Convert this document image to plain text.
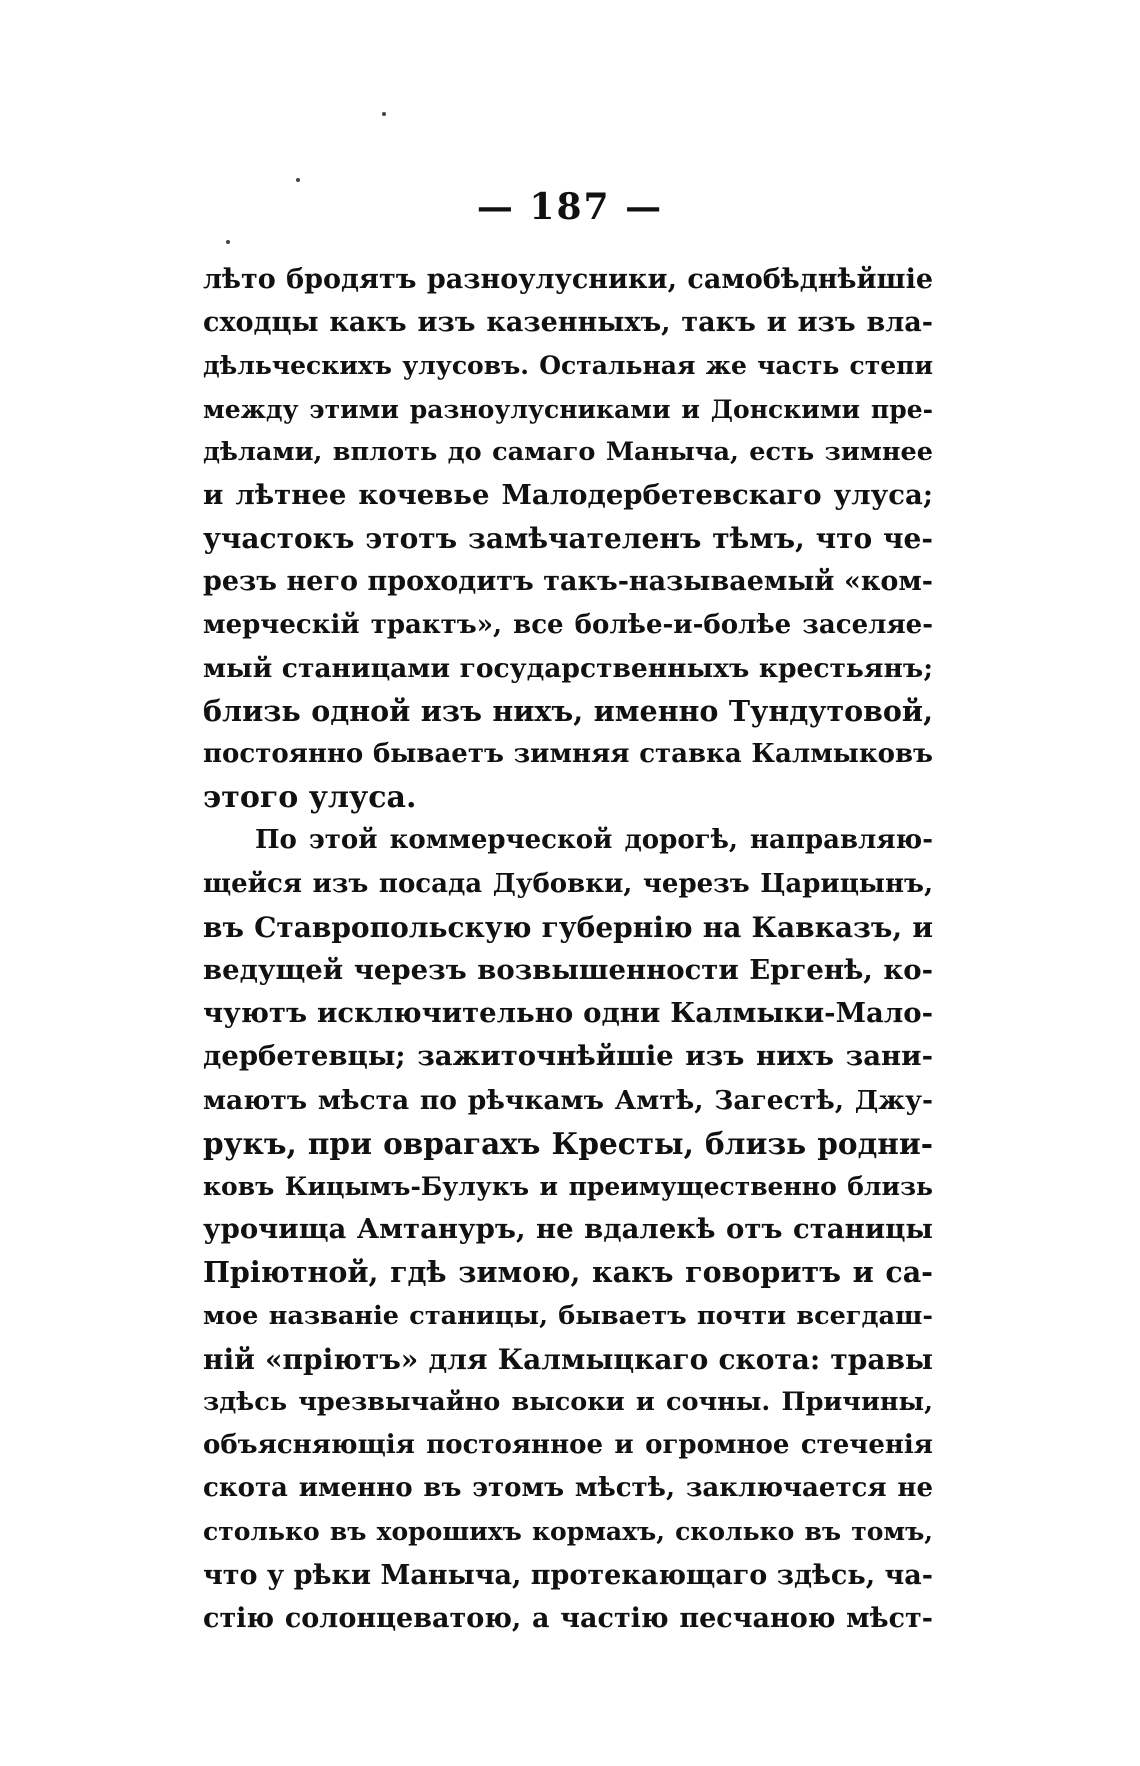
— 187 —
лѣто бродятъ разноулусники, самобѣднѣйшіе
сходцы какъ изъ казенныхъ, такъ и изъ вла-
дѣльческихъ улусовъ. Остальная же часть степи
между этими разноулусниками и Донскими пре-
дѣлами, вплоть до самаго Маныча, есть зимнее
и лѣтнее кочевье Малодербетевскаго улуса;
участокъ этотъ замѣчателенъ тѣмъ, что че-
резъ него проходитъ такъ-называемый «ком-
мерческій трактъ», все болѣе-и-болѣе заселяе-
мый станицами государственныхъ крестьянъ;
близь одной изъ нихъ, именно Тундутовой,
постоянно бываетъ зимняя ставка Калмыковъ
этого улуса.
По этой коммерческой дорогѣ, направляю-
щейся изъ посада Дубовки, черезъ Царицынъ,
въ Ставропольскую губернію на Кавказъ, и
ведущей черезъ возвышенности Ергенѣ, ко-
чуютъ исключительно одни Калмыки-Мало-
дербетевцы; зажиточнѣйшіе изъ нихъ зани-
маютъ мѣста по рѣчкамъ Амтѣ, Загестѣ, Джу-
рукъ, при оврагахъ Кресты, близь родни-
ковъ Кицымъ-Булукъ и преимущественно близь
урочища Амтануръ, не вдалекѣ отъ станицы
Пріютной, гдѣ зимою, какъ говоритъ и са-
мое названіе станицы, бываетъ почти всегдаш-
ній «пріютъ» для Калмыцкаго скота: травы
здѣсь чрезвычайно высоки и сочны. Причины,
объясняющія постоянное и огромное стеченія
скота именно въ этомъ мѣстѣ, заключается не
столько въ хорошихъ кормахъ, сколько въ томъ,
что у рѣки Маныча, протекающаго здѣсь, ча-
стію солонцеватою, а частію песчаною мѣст-
